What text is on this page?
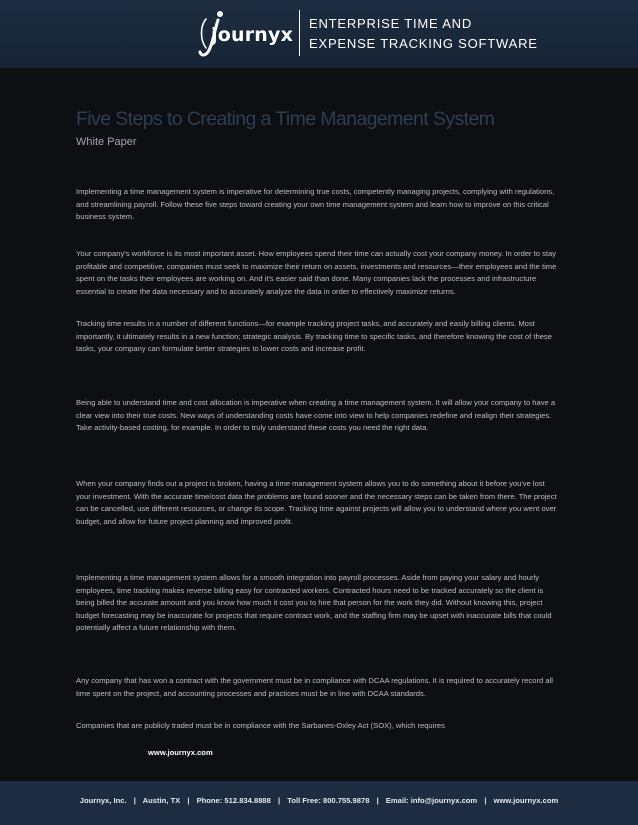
journyx
ENTERPRISE TIME AND
EXPENSE TRACKING SOFTWARE
Five Steps to Creating a Time Management System
White Paper
Implementing a time management system is imperative for determining true costs, competently managing projects, complying with regulations, and streamlining payroll. Follow these five steps toward creating your own time management system and learn how to improve on this critical business system.
Your company's workforce is its most important asset. How employees spend their time can actually cost your company money. In order to stay profitable and competitive, companies must seek to maximize their return on assets, investments and resources—their employees and the time spent on the tasks their employees are working on. And it's easier said than done. Many companies lack the processes and infrastructure essential to create the data necessary and to accurately analyze the data in order to effectively maximize returns.
Tracking time results in a number of different functions—for example tracking project tasks, and accurately and easily billing clients. Most importantly, it ultimately results in a new function; strategic analysis. By tracking time to specific tasks, and therefore knowing the cost of these tasks, your company can formulate better strategies to lower costs and increase profit.
Being able to understand time and cost allocation is imperative when creating a time management system. It will allow your company to have a clear view into their true costs. New ways of understanding costs have come into view to help companies redefine and realign their strategies. Take activity-based costing, for example. In order to truly understand these costs you need the right data.
When your company finds out a project is broken, having a time management system allows you to do something about it before you've lost your investment. With the accurate time/cost data the problems are found sooner and the necessary steps can be taken from there. The project can be cancelled, use different resources, or change its scope. Tracking time against projects will allow you to understand where you went over budget, and allow for future project planning and improved profit.
Implementing a time management system allows for a smooth integration into payroll processes. Aside from paying your salary and hourly employees, time tracking makes reverse billing easy for contracted workers. Contracted hours need to be tracked accurately so the client is being billed the accurate amount and you know how much it cost you to hire that person for the work they did. Without knowing this, project budget forecasting may be inaccurate for projects that require contract work, and the staffing firm may be upset with inaccurate bills that could potentially affect a future relationship with them.
Any company that has won a contract with the government must be in compliance with DCAA regulations. It is required to accurately record all time spent on the project, and accounting processes and practices must be in line with DCAA standards.
Companies that are publicly traded must be in compliance with the Sarbanes-Oxley Act (SOX), which requires
www.journyx.com
Journyx, Inc. | Austin, TX | Phone: 512.834.8888 | Toll Free: 800.755.9878 | Email: info@journyx.com | www.journyx.com
